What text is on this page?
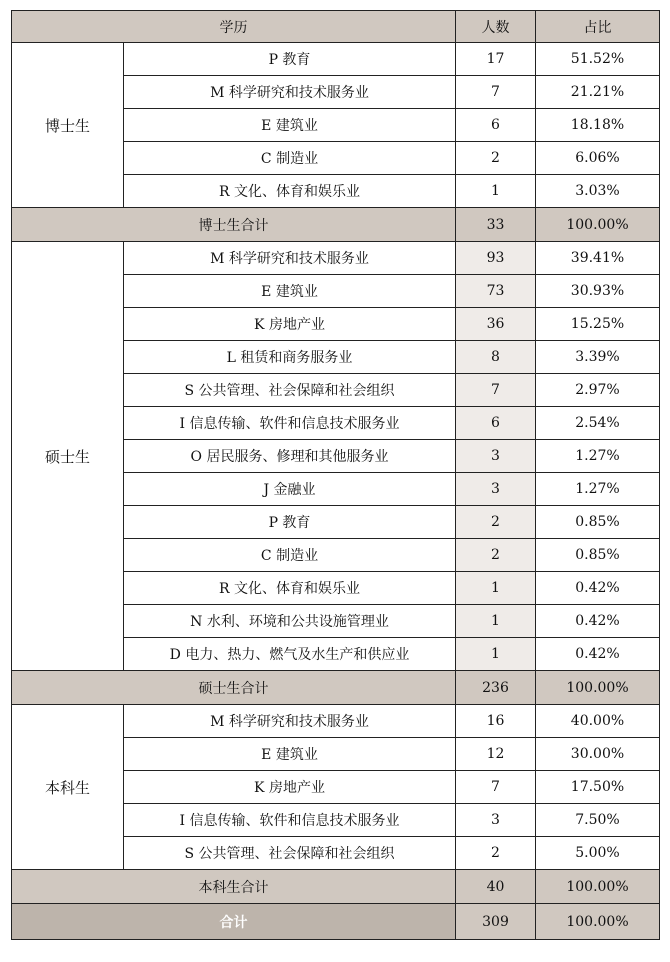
学历		人数	占比
博士生	P 教育	17	51.52%
	M 科学研究和技术服务业	7	21.21%
	E 建筑业	6	18.18%
	C 制造业	2	6.06%
	R 文化、体育和娱乐业	1	3.03%
博士生合计		33	100.00%
硕士生	M 科学研究和技术服务业	93	39.41%
	E 建筑业	73	30.93%
	K 房地产业	36	15.25%
	L 租赁和商务服务业	8	3.39%
	S 公共管理、社会保障和社会组织	7	2.97%
	I 信息传输、软件和信息技术服务业	6	2.54%
	O 居民服务、修理和其他服务业	3	1.27%
	J 金融业	3	1.27%
	P 教育	2	0.85%
	C 制造业	2	0.85%
	R 文化、体育和娱乐业	1	0.42%
	N 水利、环境和公共设施管理业	1	0.42%
	D 电力、热力、燃气及水生产和供应业	1	0.42%
硕士生合计		236	100.00%
本科生	M 科学研究和技术服务业	16	40.00%
	E 建筑业	12	30.00%
	K 房地产业	7	17.50%
	I 信息传输、软件和信息技术服务业	3	7.50%
	S 公共管理、社会保障和社会组织	2	5.00%
本科生合计		40	100.00%
合计		309	100.00%
